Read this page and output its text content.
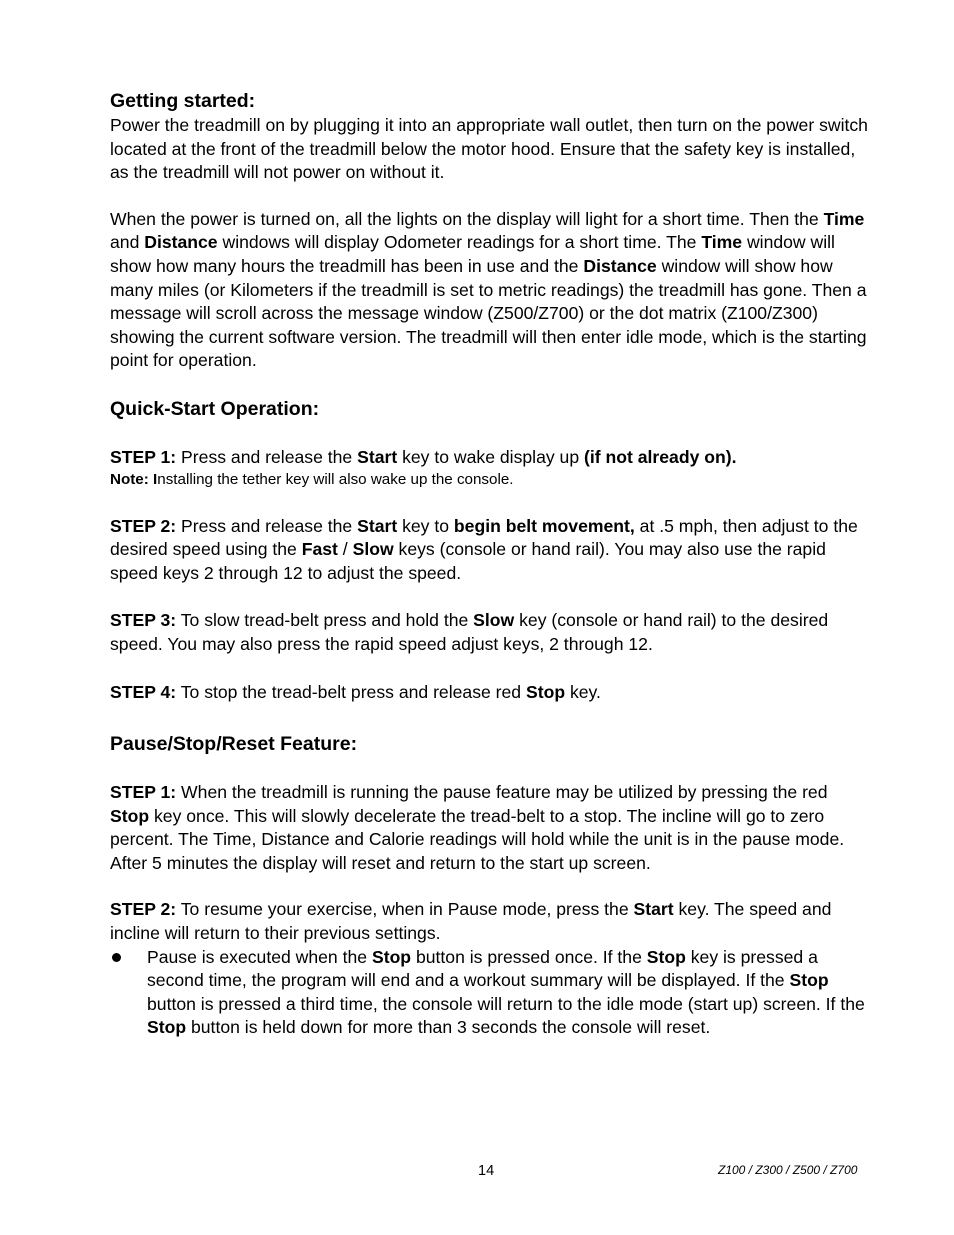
Getting started:

Power the treadmill on by plugging it into an appropriate wall outlet, then turn on the power switch located at the front of the treadmill below the motor hood. Ensure that the safety key is installed, as the treadmill will not power on without it.

When the power is turned on, all the lights on the display will light for a short time. Then the Time and Distance windows will display Odometer readings for a short time. The Time window will show how many hours the treadmill has been in use and the Distance window will show how many miles (or Kilometers if the treadmill is set to metric readings) the treadmill has gone. Then a message will scroll across the message window (Z500/Z700) or the dot matrix (Z100/Z300) showing the current software version. The treadmill will then enter idle mode, which is the starting point for operation.

Quick-Start Operation:

STEP 1: Press and release the Start key to wake display up (if not already on).

Note: Installing the tether key will also wake up the console.

STEP 2: Press and release the Start key to begin belt movement, at .5 mph, then adjust to the desired speed using the Fast / Slow keys (console or hand rail). You may also use the rapid speed keys 2 through 12 to adjust the speed.

STEP 3: To slow tread-belt press and hold the Slow key (console or hand rail) to the desired speed. You may also press the rapid speed adjust keys, 2 through 12.

STEP 4: To stop the tread-belt press and release red Stop key.

Pause/Stop/Reset Feature:

STEP 1: When the treadmill is running the pause feature may be utilized by pressing the red Stop key once. This will slowly decelerate the tread-belt to a stop. The incline will go to zero percent. The Time, Distance and Calorie readings will hold while the unit is in the pause mode. After 5 minutes the display will reset and return to the start up screen.

STEP 2: To resume your exercise, when in Pause mode, press the Start key. The speed and incline will return to their previous settings.

Pause is executed when the Stop button is pressed once. If the Stop key is pressed a second time, the program will end and a workout summary will be displayed. If the Stop button is pressed a third time, the console will return to the idle mode (start up) screen. If the Stop button is held down for more than 3 seconds the console will reset.

14	Z100 / Z300 / Z500 / Z700
